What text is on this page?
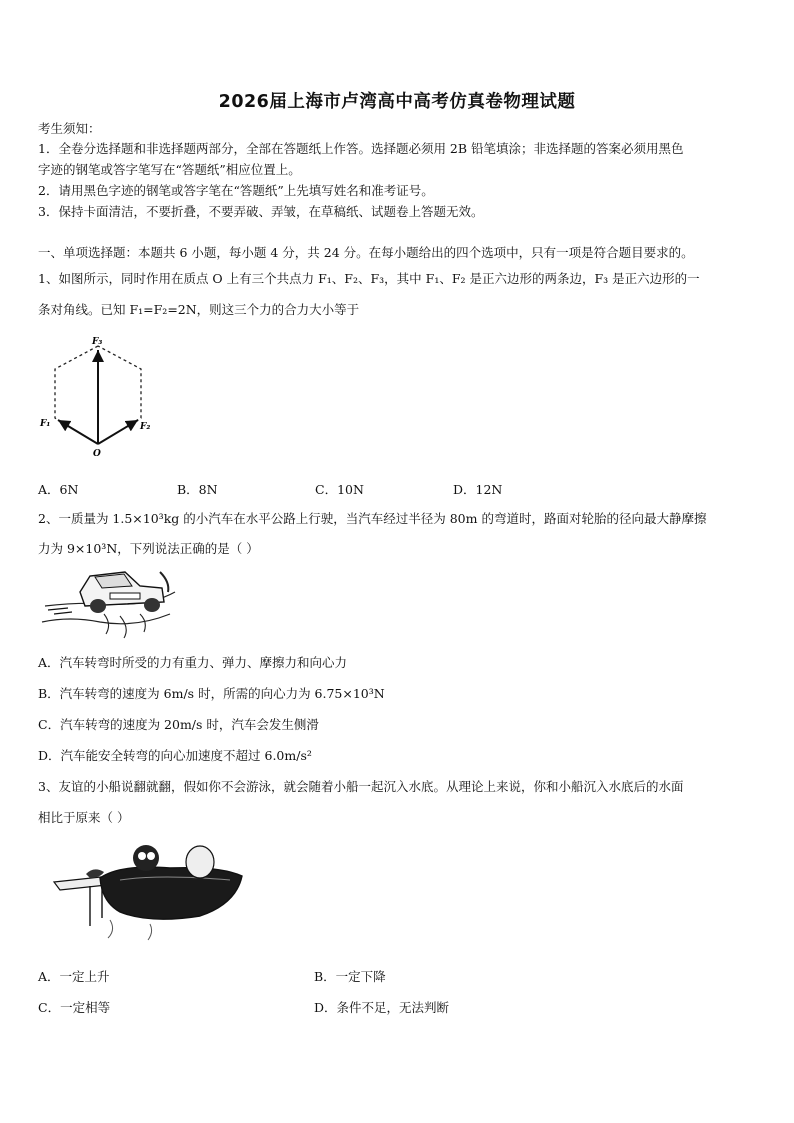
2026届上海市卢湾高中高考仿真卷物理试题
考生须知：
1．全卷分选择题和非选择题两部分，全部在答题纸上作答。选择题必须用 2B 铅笔填涂；非选择题的答案必须用黑色
字迹的钢笔或答字笔写在“答题纸”相应位置上。
2．请用黑色字迹的钢笔或答字笔在“答题纸”上先填写姓名和准考证号。
3．保持卡面清洁，不要折叠，不要弄破、弄皱，在草稿纸、试题卷上答题无效。
一、单项选择题：本题共 6 小题，每小题 4 分，共 24 分。在每小题给出的四个选项中，只有一项是符合题目要求的。
1、如图所示，同时作用在质点 O 上有三个共点力 F₁、F₂、F₃，其中 F₁、F₂ 是正六边形的两条边，F₃ 是正六边形的一
条对角线。已知 F₁=F₂=2N，则这三个力的合力大小等于
F₃
F₁	F₂
O
A．6N	B．8N	C．10N	D．12N
2、一质量为 1.5×10³kg 的小汽车在水平公路上行驶，当汽车经过半径为 80m 的弯道时，路面对轮胎的径向最大静摩擦
力为 9×10³N，下列说法正确的是（ ）
A．汽车转弯时所受的力有重力、弹力、摩擦力和向心力
B．汽车转弯的速度为 6m/s 时，所需的向心力为 6.75×10³N
C．汽车转弯的速度为 20m/s 时，汽车会发生侧滑
D．汽车能安全转弯的向心加速度不超过 6.0m/s²
3、友谊的小船说翻就翻，假如你不会游泳，就会随着小船一起沉入水底。从理论上来说，你和小船沉入水底后的水面
相比于原来（ ）
A．一定上升	B．一定下降
C．一定相等	D．条件不足，无法判断
